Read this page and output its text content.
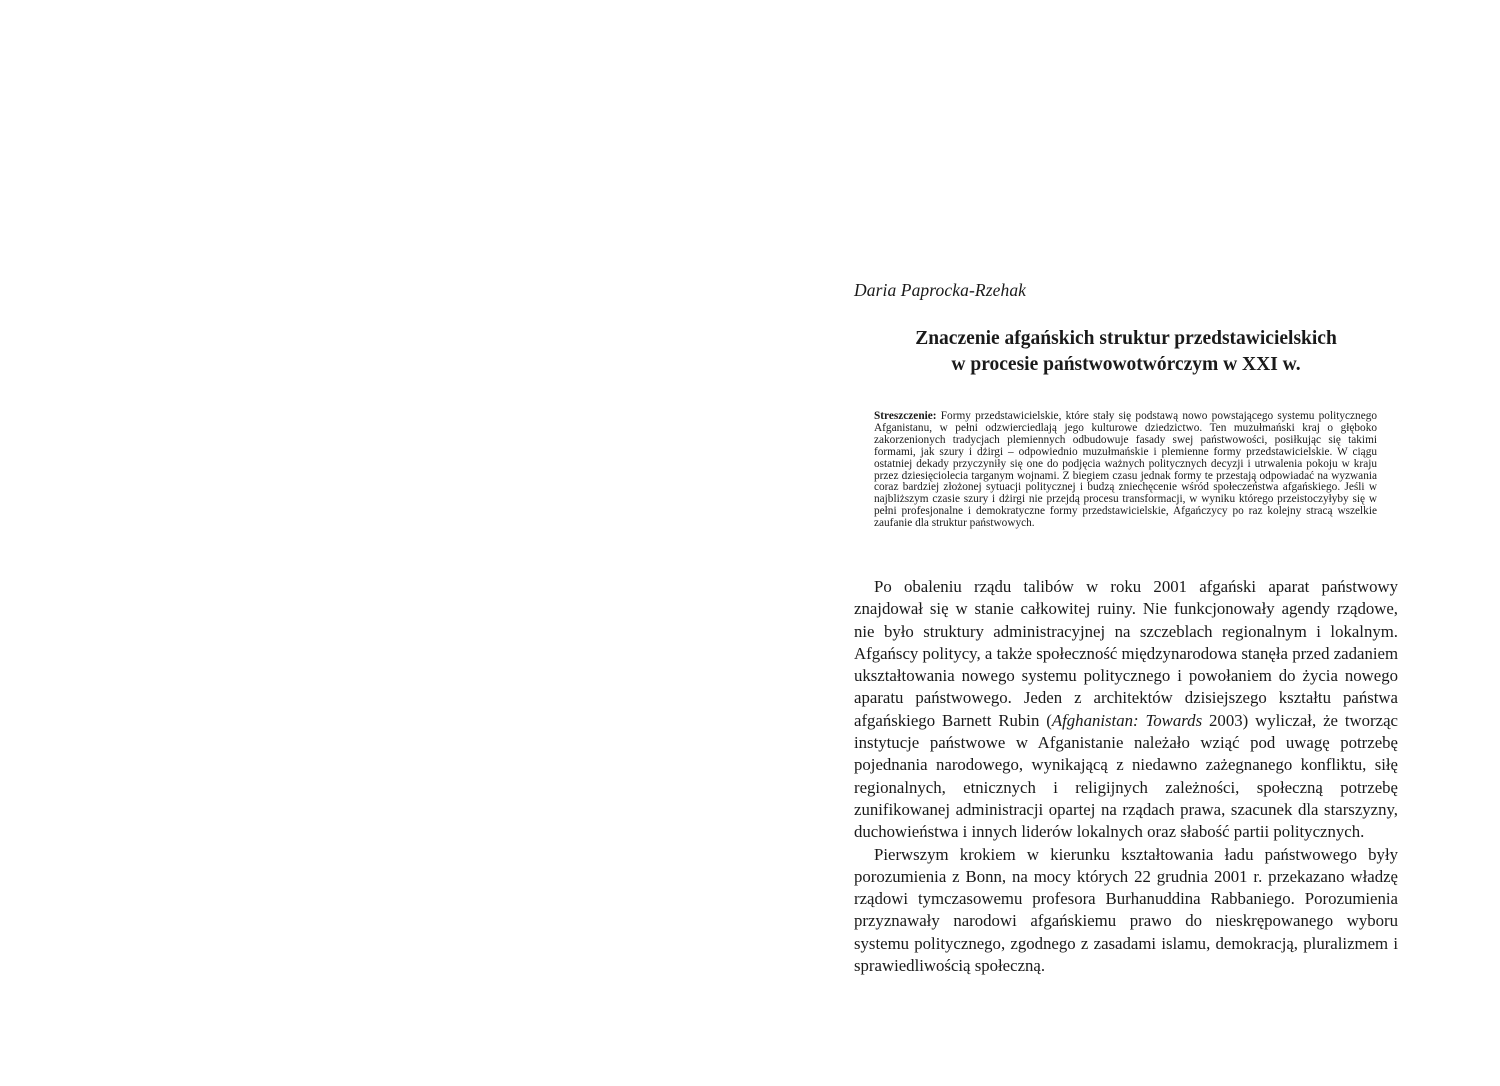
Daria Paprocka-Rzehak
Znaczenie afgańskich struktur przedstawicielskich
w procesie państwowotwórczym w XXI w.
Streszczenie: Formy przedstawicielskie, które stały się podstawą nowo powstającego systemu politycznego Afganistanu, w pełni odzwierciedlają jego kulturowe dziedzictwo. Ten muzułmański kraj o głęboko zakorzenionych tradycjach plemiennych odbudowuje fasady swej państwowości, posiłkując się takimi formami, jak szury i dżirgi – odpowiednio muzułmańskie i plemienne formy przedstawicielskie. W ciągu ostatniej dekady przyczyniły się one do podjęcia ważnych politycznych decyzji i utrwalenia pokoju w kraju przez dziesięciolecia targanym wojnami. Z biegiem czasu jednak formy te przestają odpowiadać na wyzwania coraz bardziej złożonej sytuacji politycznej i budzą zniechęcenie wśród społeczeństwa afgańskiego. Jeśli w najbliższym czasie szury i dżirgi nie przejdą procesu transformacji, w wyniku którego przeistoczyłyby się w pełni profesjonalne i demokratyczne formy przedstawicielskie, Afgańczycy po raz kolejny stracą wszelkie zaufanie dla struktur państwowych.

Po obaleniu rządu talibów w roku 2001 afgański aparat państwowy znajdował się w stanie całkowitej ruiny. Nie funkcjonowały agendy rządowe, nie było struktury administracyjnej na szczeblach regionalnym i lokalnym. Afgańscy politycy, a także społeczność międzynarodowa stanęła przed zadaniem ukształtowania nowego systemu politycznego i powołaniem do życia nowego aparatu państwowego. Jeden z architektów dzisiejszego kształtu państwa afgańskiego Barnett Rubin (Afghanistan: Towards 2003) wyliczał, że tworząc instytucje państwowe w Afganistanie należało wziąć pod uwagę potrzebę pojednania narodowego, wynikającą z niedawno zażegnanego konfliktu, siłę regionalnych, etnicznych i religijnych zależności, społeczną potrzebę zunifikowanej administracji opartej na rządach prawa, szacunek dla starszyzny, duchowieństwa i innych liderów lokalnych oraz słabość partii politycznych.

Pierwszym krokiem w kierunku kształtowania ładu państwowego były porozumienia z Bonn, na mocy których 22 grudnia 2001 r. przekazano władzę rządowi tymczasowemu profesora Burhanuddina Rabbaniego. Porozumienia przyznawały narodowi afgańskiemu prawo do nieskrępowanego wyboru systemu politycznego, zgodnego z zasadami islamu, demokracją, pluralizmem i sprawiedliwością społeczną.
